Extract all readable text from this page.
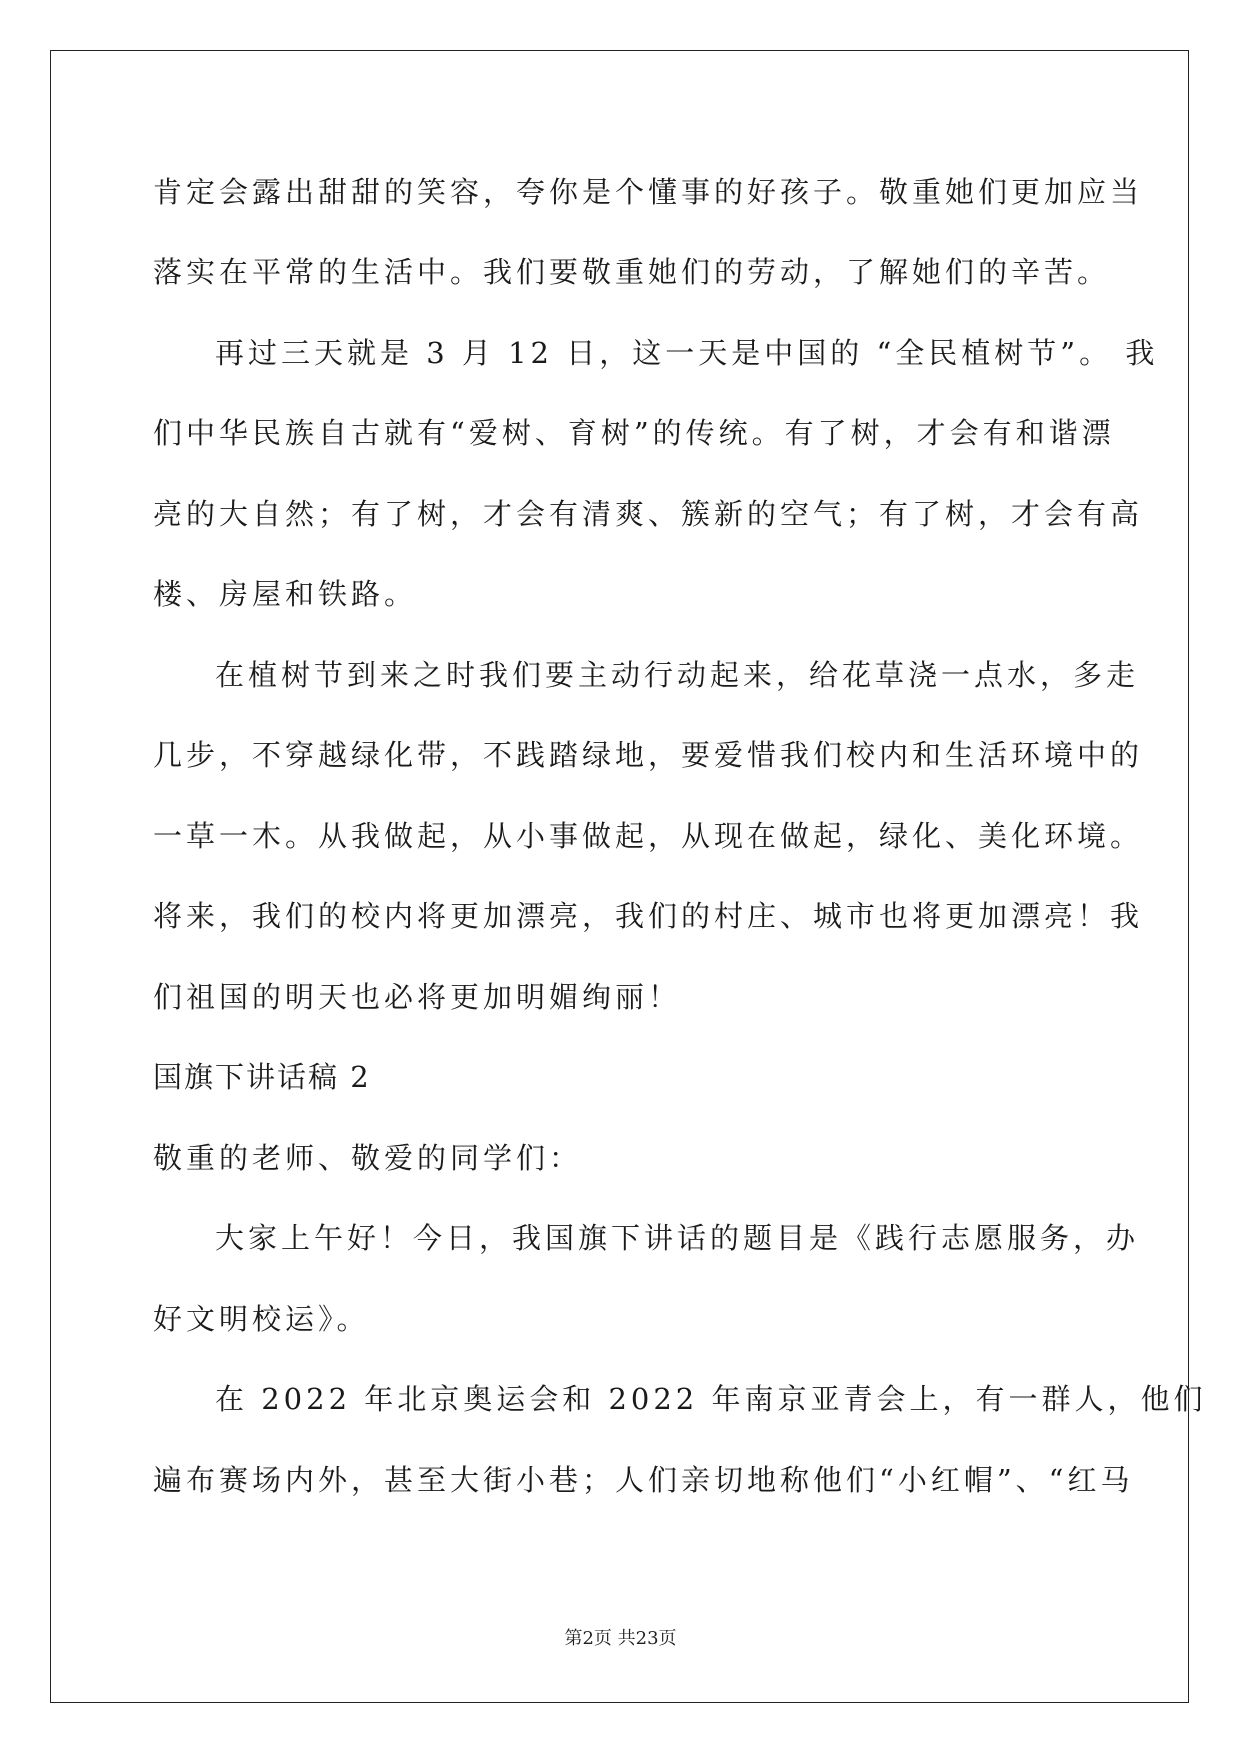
肯定会露出甜甜的笑容，夸你是个懂事的好孩子。敬重她们更加应当
落实在平常的生活中。我们要敬重她们的劳动，了解她们的辛苦。
再过三天就是 3 月 12 日，这一天是中国的 “全民植树节”。 我
们中华民族自古就有“爱树、育树”的传统。有了树，才会有和谐漂
亮的大自然；有了树，才会有清爽、簇新的空气；有了树，才会有高
楼、房屋和铁路。
在植树节到来之时我们要主动行动起来，给花草浇一点水，多走
几步，不穿越绿化带，不践踏绿地，要爱惜我们校内和生活环境中的
一草一木。从我做起，从小事做起，从现在做起，绿化、美化环境。
将来，我们的校内将更加漂亮，我们的村庄、城市也将更加漂亮！我
们祖国的明天也必将更加明媚绚丽！
国旗下讲话稿 2
敬重的老师、敬爱的同学们：
大家上午好！今日，我国旗下讲话的题目是《践行志愿服务，办
好文明校运》。
在 2022 年北京奥运会和 2022 年南京亚青会上，有一群人，他们
遍布赛场内外，甚至大街小巷；人们亲切地称他们“小红帽”、“红马
第2页 共23页
